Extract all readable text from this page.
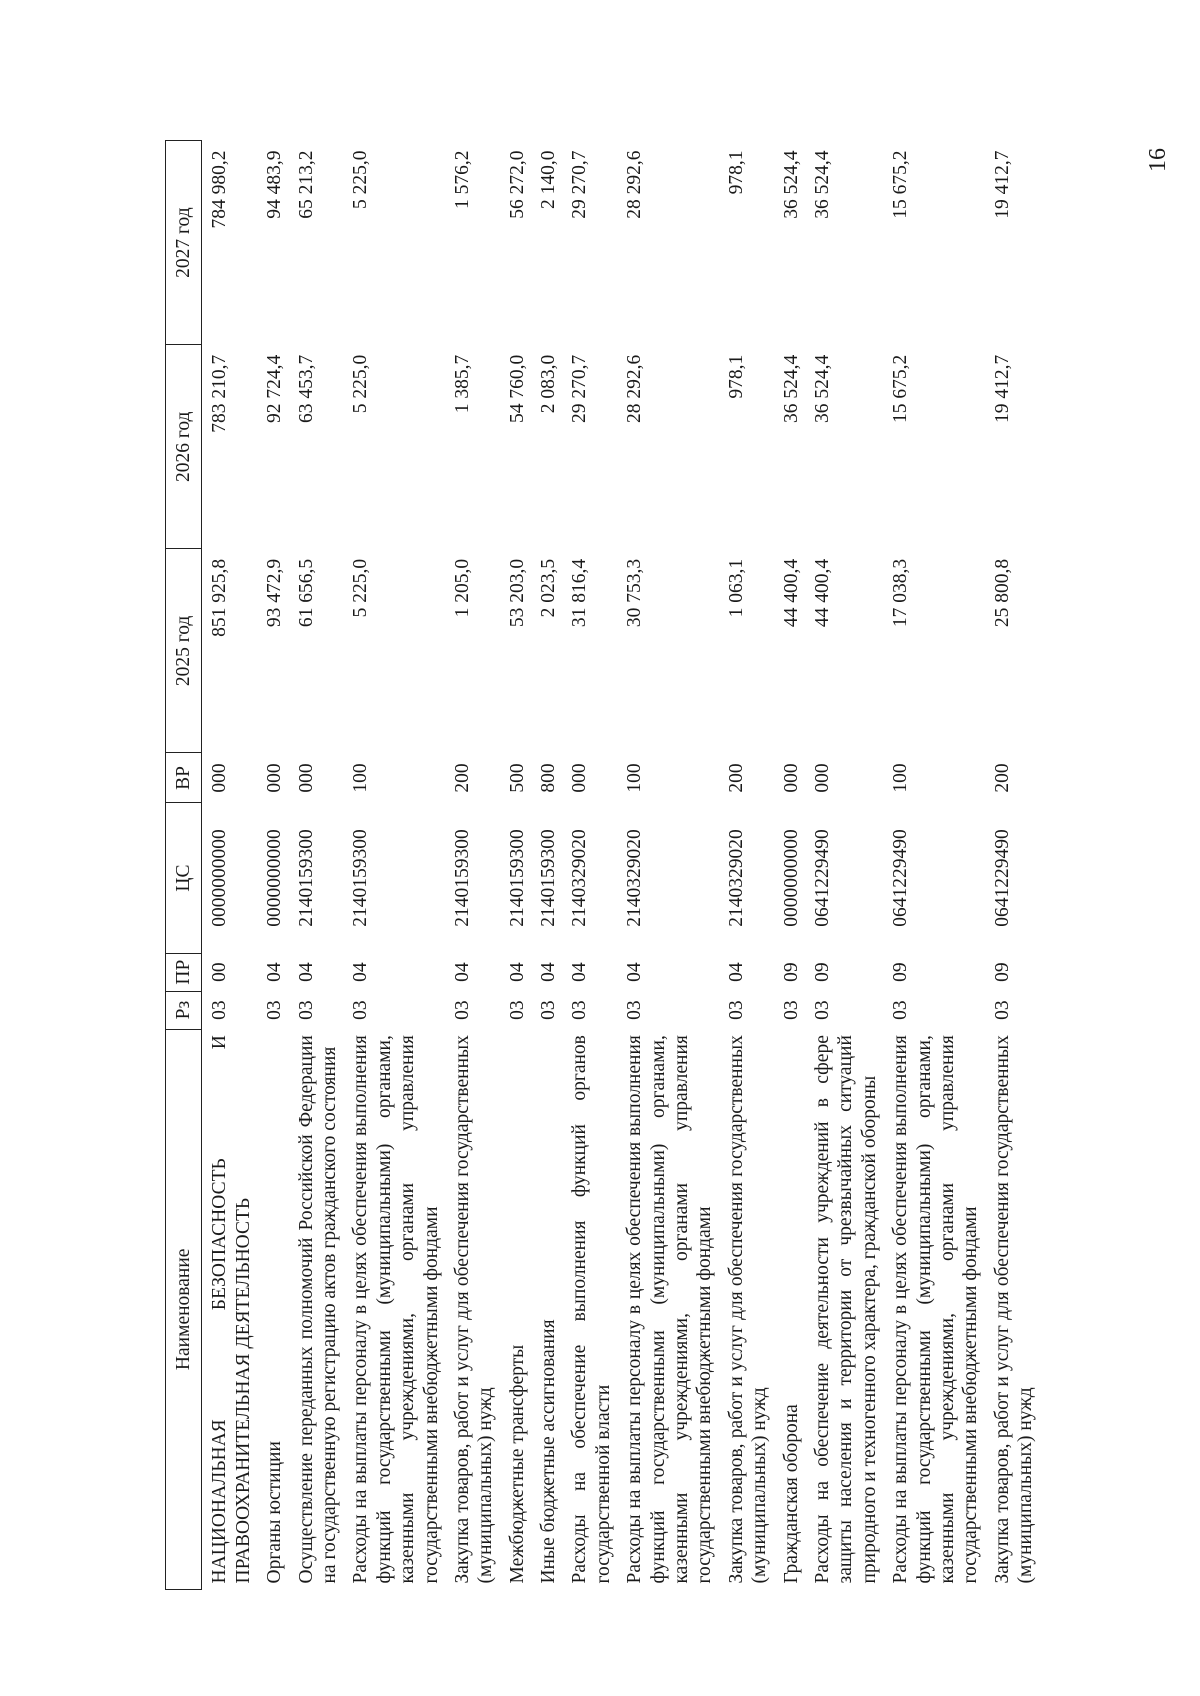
16
Наименование	Рз	ПР	ЦС	ВР	2025 год	2026 год	2027 год
НАЦИОНАЛЬНАЯ БЕЗОПАСНОСТЬ И ПРАВООХРАНИТЕЛЬНАЯ ДЕЯТЕЛЬНОСТЬ	03	00	0000000000	000	851 925,8	783 210,7	784 980,2
Органы юстиции	03	04	0000000000	000	93 472,9	92 724,4	94 483,9
Осуществление переданных полномочий Российской Федерации на государственную регистрацию актов гражданского состояния	03	04	2140159300	000	61 656,5	63 453,7	65 213,2
Расходы на выплаты персоналу в целях обеспечения выполнения функций государственными (муниципальными) органами, казенными учреждениями, органами управления государственными внебюджетными фондами	03	04	2140159300	100	5 225,0	5 225,0	5 225,0
Закупка товаров, работ и услуг для обеспечения государственных (муниципальных) нужд	03	04	2140159300	200	1 205,0	1 385,7	1 576,2
Межбюджетные трансферты	03	04	2140159300	500	53 203,0	54 760,0	56 272,0
Иные бюджетные ассигнования	03	04	2140159300	800	2 023,5	2 083,0	2 140,0
Расходы на обеспечение выполнения функций органов государственной власти	03	04	2140329020	000	31 816,4	29 270,7	29 270,7
Расходы на выплаты персоналу в целях обеспечения выполнения функций государственными (муниципальными) органами, казенными учреждениями, органами управления государственными внебюджетными фондами	03	04	2140329020	100	30 753,3	28 292,6	28 292,6
Закупка товаров, работ и услуг для обеспечения государственных (муниципальных) нужд	03	04	2140329020	200	1 063,1	978,1	978,1
Гражданская оборона	03	09	0000000000	000	44 400,4	36 524,4	36 524,4
Расходы на обеспечение деятельности учреждений в сфере защиты населения и территории от чрезвычайных ситуаций природного и техногенного характера, гражданской обороны	03	09	0641229490	000	44 400,4	36 524,4	36 524,4
Расходы на выплаты персоналу в целях обеспечения выполнения функций государственными (муниципальными) органами, казенными учреждениями, органами управления государственными внебюджетными фондами	03	09	0641229490	100	17 038,3	15 675,2	15 675,2
Закупка товаров, работ и услуг для обеспечения государственных (муниципальных) нужд	03	09	0641229490	200	25 800,8	19 412,7	19 412,7
